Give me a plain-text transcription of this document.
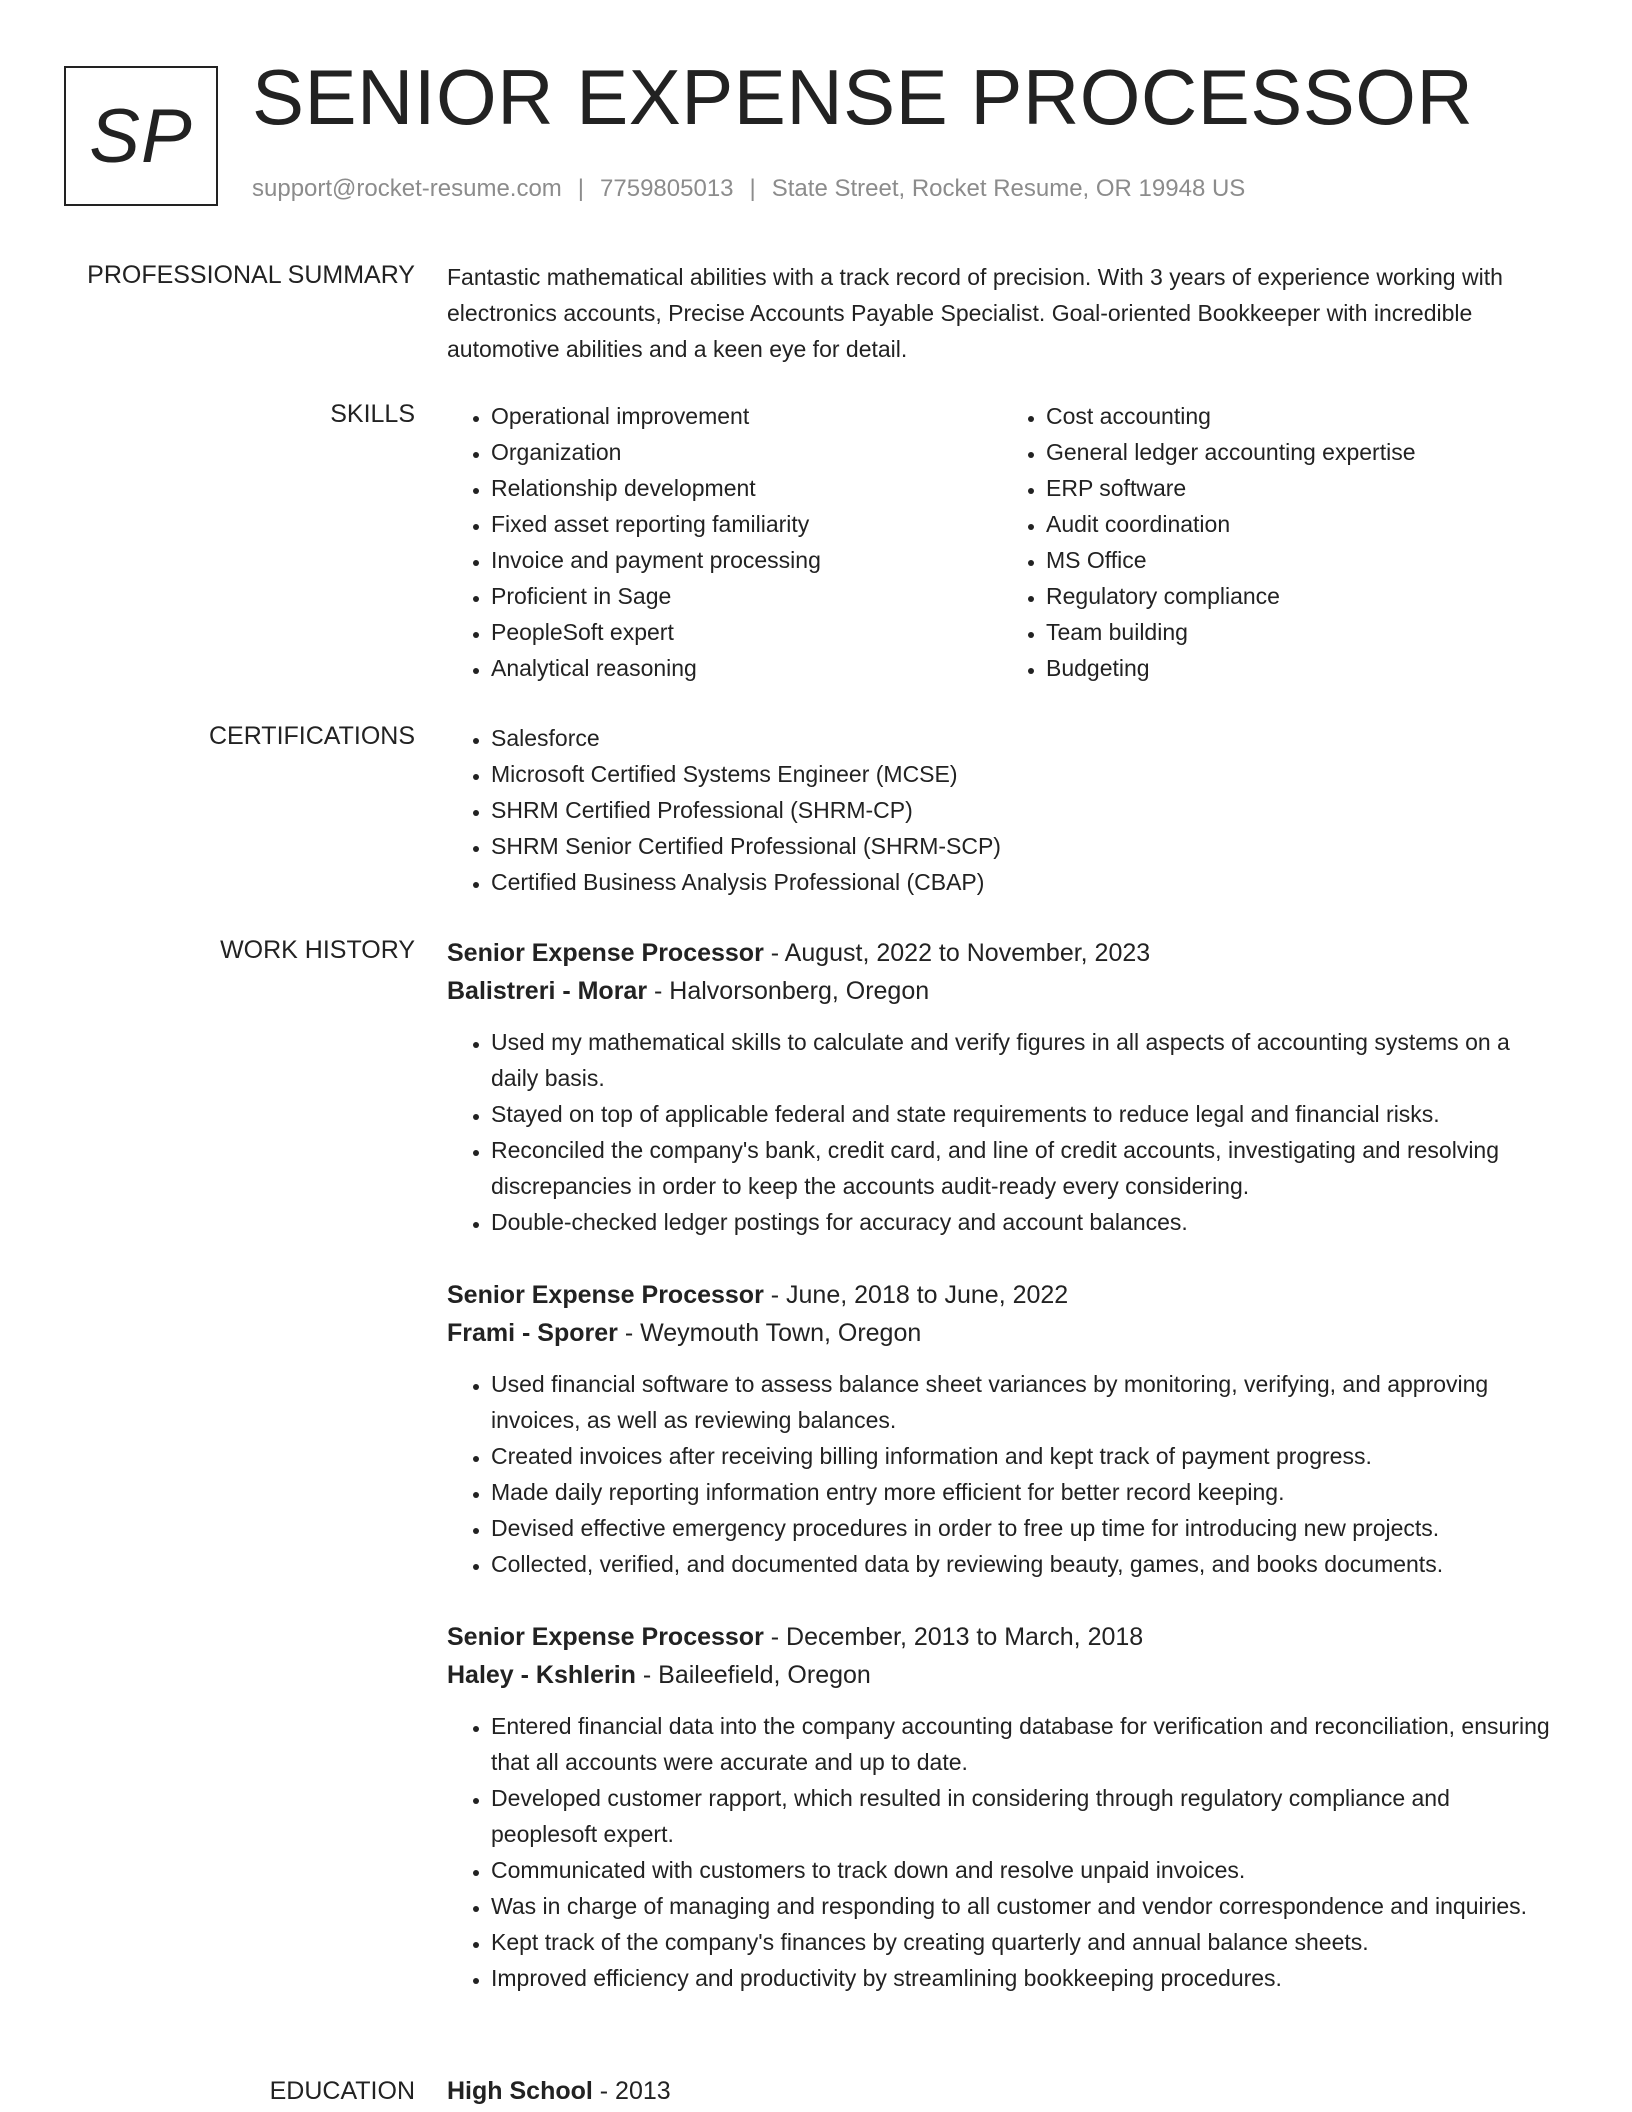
SP SENIOR EXPENSE PROCESSOR
support@rocket-resume.com | 7759805013 | State Street, Rocket Resume, OR 19948 US
PROFESSIONAL SUMMARY Fantastic mathematical abilities with a track record of precision. With 3 years of experience working with electronics accounts, Precise Accounts Payable Specialist. Goal-oriented Bookkeeper with incredible automotive abilities and a keen eye for detail.
SKILLS	• Operational improvement
• Organization
• Relationship development
• Fixed asset reporting familiarity
• Invoice and payment processing
• Proficient in Sage
• PeopleSoft expert
• Analytical reasoning
• Cost accounting
• General ledger accounting expertise
• ERP software
• Audit coordination
• MS Office
• Regulatory compliance
• Team building
• Budgeting
CERTIFICATIONS	• Salesforce
• Microsoft Certified Systems Engineer (MCSE)
• SHRM Certified Professional (SHRM-CP)
• SHRM Senior Certified Professional (SHRM-SCP)
• Certified Business Analysis Professional (CBAP)
WORK HISTORY Senior Expense Processor - August, 2022 to November, 2023
Balistreri - Morar - Halvorsonberg, Oregon
• Used my mathematical skills to calculate and verify figures in all aspects of accounting systems on a daily basis.
• Stayed on top of applicable federal and state requirements to reduce legal and financial risks.
• Reconciled the company's bank, credit card, and line of credit accounts, investigating and resolving discrepancies in order to keep the accounts audit-ready every considering.
• Double-checked ledger postings for accuracy and account balances.
Senior Expense Processor - June, 2018 to June, 2022
Frami - Sporer - Weymouth Town, Oregon
• Used financial software to assess balance sheet variances by monitoring, verifying, and approving invoices, as well as reviewing balances.
• Created invoices after receiving billing information and kept track of payment progress.
• Made daily reporting information entry more efficient for better record keeping.
• Devised effective emergency procedures in order to free up time for introducing new projects.
• Collected, verified, and documented data by reviewing beauty, games, and books documents.
Senior Expense Processor - December, 2013 to March, 2018
Haley - Kshlerin - Baileefield, Oregon
• Entered financial data into the company accounting database for verification and reconciliation, ensuring that all accounts were accurate and up to date.
• Developed customer rapport, which resulted in considering through regulatory compliance and peoplesoft expert.
• Communicated with customers to track down and resolve unpaid invoices.
• Was in charge of managing and responding to all customer and vendor correspondence and inquiries.
• Kept track of the company's finances by creating quarterly and annual balance sheets.
• Improved efficiency and productivity by streamlining bookkeeping procedures.
EDUCATION High School - 2013
